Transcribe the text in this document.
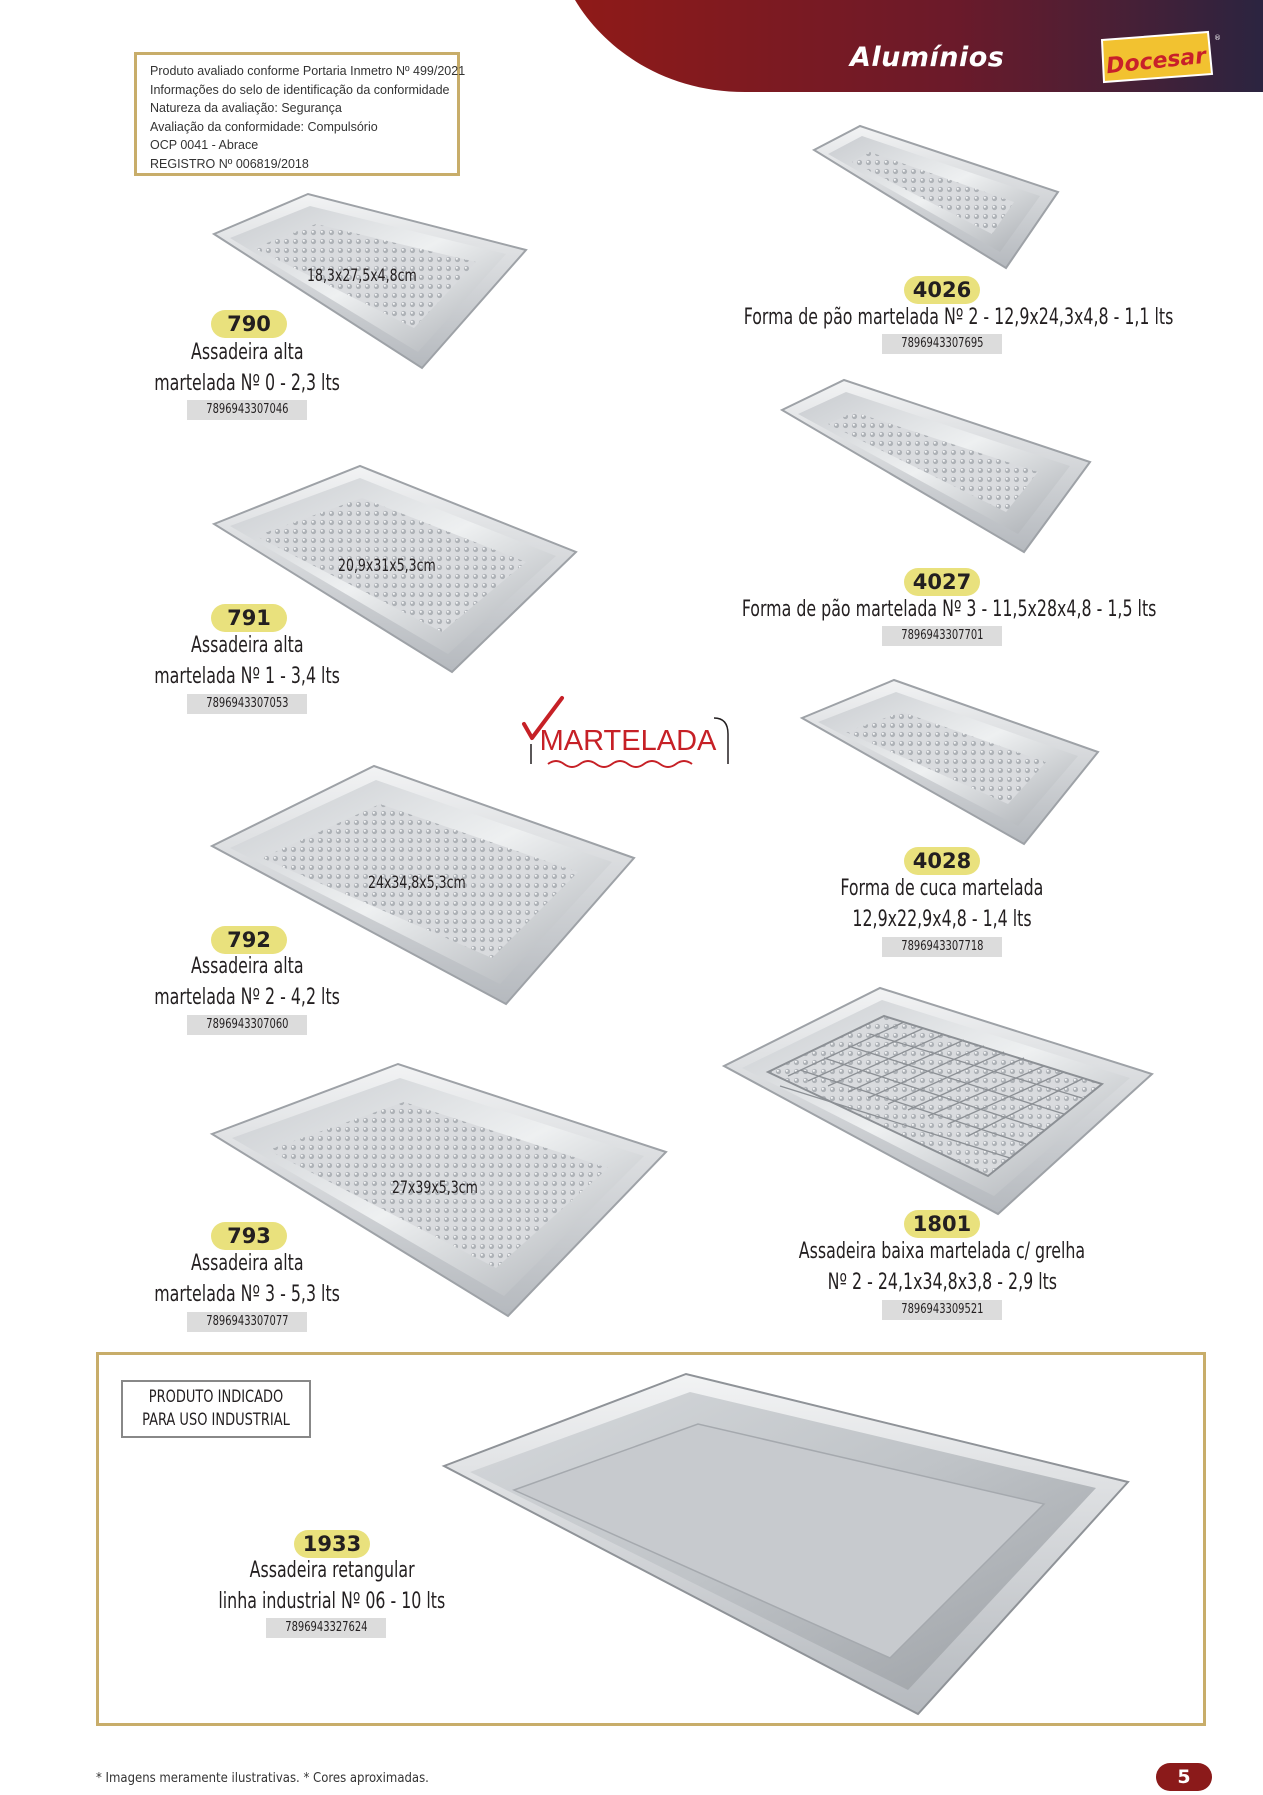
Alumínios	Docesar
®
Produto avaliado conforme Portaria Inmetro Nº 499/2021
Informações do selo de identificação da conformidade
Natureza da avaliação: Segurança
Avaliação da conformidade: Compulsório
OCP 0041 - Abrace
REGISTRO Nº 006819/2018
18,3x27,5x4,8cm
790
Assadeira alta
martelada Nº 0 - 2,3 lts
7896943307046
20,9x31x5,3cm
791
Assadeira alta
martelada Nº 1 - 3,4 lts
7896943307053
24x34,8x5,3cm
792
Assadeira alta
martelada Nº 2 - 4,2 lts
7896943307060
27x39x5,3cm
793
Assadeira alta
martelada Nº 3 - 5,3 lts
7896943307077
MARTELADA
4026
Forma de pão martelada Nº 2 - 12,9x24,3x4,8 - 1,1 lts
7896943307695
4027
Forma de pão martelada Nº 3 - 11,5x28x4,8 - 1,5 lts
7896943307701
4028
Forma de cuca martelada
12,9x22,9x4,8 - 1,4 lts
7896943307718
1801
Assadeira baixa martelada c/ grelha
Nº 2 - 24,1x34,8x3,8 - 2,9 lts
7896943309521
PRODUTO INDICADO
PARA USO INDUSTRIAL
1933
Assadeira retangular
linha industrial Nº 06 - 10 lts
7896943327624
* Imagens meramente ilustrativas. * Cores aproximadas.	5
